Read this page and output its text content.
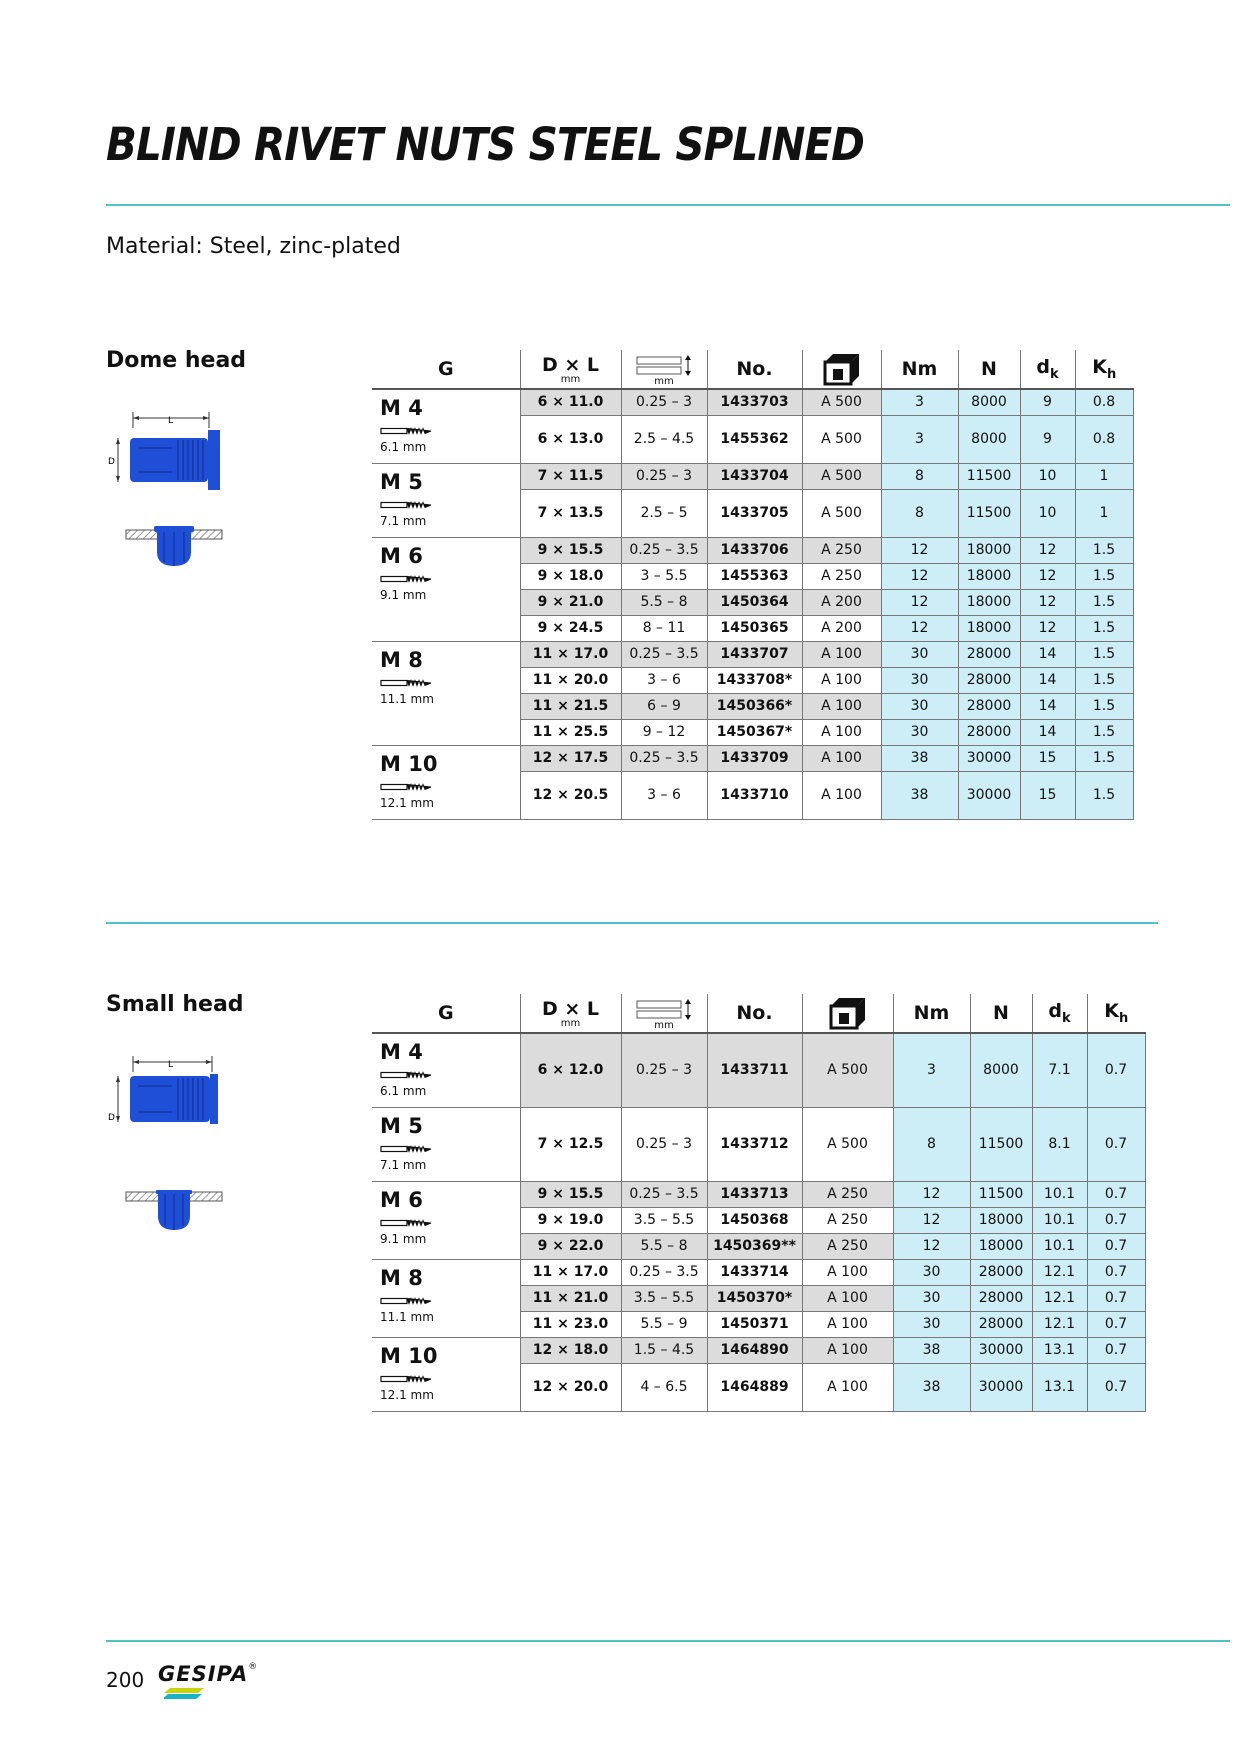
BLIND RIVET NUTS STEEL SPLINED
Material: Steel, zinc-plated
Dome head
L
D
G	D × L
mm	mm	No.		Nm	N	$d_k$	$K_h$

M 4
6.1 mm	6 × 11.0	0.25 – 3	1433703	A 500	3	8000	9	0.8
	6 × 13.0	2.5 – 4.5	1455362	A 500	3	8000	9	0.8

M 5
7.1 mm	7 × 11.5	0.25 – 3	1433704	A 500	8	11500	10	1
	7 × 13.5	2.5 – 5	1433705	A 500	8	11500	10	1

M 6
9.1 mm	9 × 15.5	0.25 – 3.5	1433706	A 250	12	18000	12	1.5
	9 × 18.0	3 – 5.5	1455363	A 250	12	18000	12	1.5
	9 × 21.0	5.5 – 8	1450364	A 200	12	18000	12	1.5
	9 × 24.5	8 – 11	1450365	A 200	12	18000	12	1.5

M 8
11.1 mm	11 × 17.0	0.25 – 3.5	1433707	A 100	30	28000	14	1.5
	11 × 20.0	3 – 6	1433708*	A 100	30	28000	14	1.5
	11 × 21.5	6 – 9	1450366*	A 100	30	28000	14	1.5
	11 × 25.5	9 – 12	1450367*	A 100	30	28000	14	1.5

M 10
12.1 mm	12 × 17.5	0.25 – 3.5	1433709	A 100	38	30000	15	1.5
	12 × 20.5	3 – 6	1433710	A 100	38	30000	15	1.5
Small head
L
D
G	D × L
mm	mm	No.		Nm	N	$d_k$	$K_h$

M 4
6.1 mm	6 × 12.0	0.25 – 3	1433711	A 500	3	8000	7.1	0.7

M 5
7.1 mm	7 × 12.5	0.25 – 3	1433712	A 500	8	11500	8.1	0.7

M 6
9.1 mm	9 × 15.5	0.25 – 3.5	1433713	A 250	12	11500	10.1	0.7
	9 × 19.0	3.5 – 5.5	1450368	A 250	12	18000	10.1	0.7
	9 × 22.0	5.5 – 8	1450369**	A 250	12	18000	10.1	0.7

M 8
11.1 mm	11 × 17.0	0.25 – 3.5	1433714	A 100	30	28000	12.1	0.7
	11 × 21.0	3.5 – 5.5	1450370*	A 100	30	28000	12.1	0.7
	11 × 23.0	5.5 – 9	1450371	A 100	30	28000	12.1	0.7

M 10
12.1 mm	12 × 18.0	1.5 – 4.5	1464890	A 100	38	30000	13.1	0.7
	12 × 20.0	4 – 6.5	1464889	A 100	38	30000	13.1	0.7
200 GESIPA®
